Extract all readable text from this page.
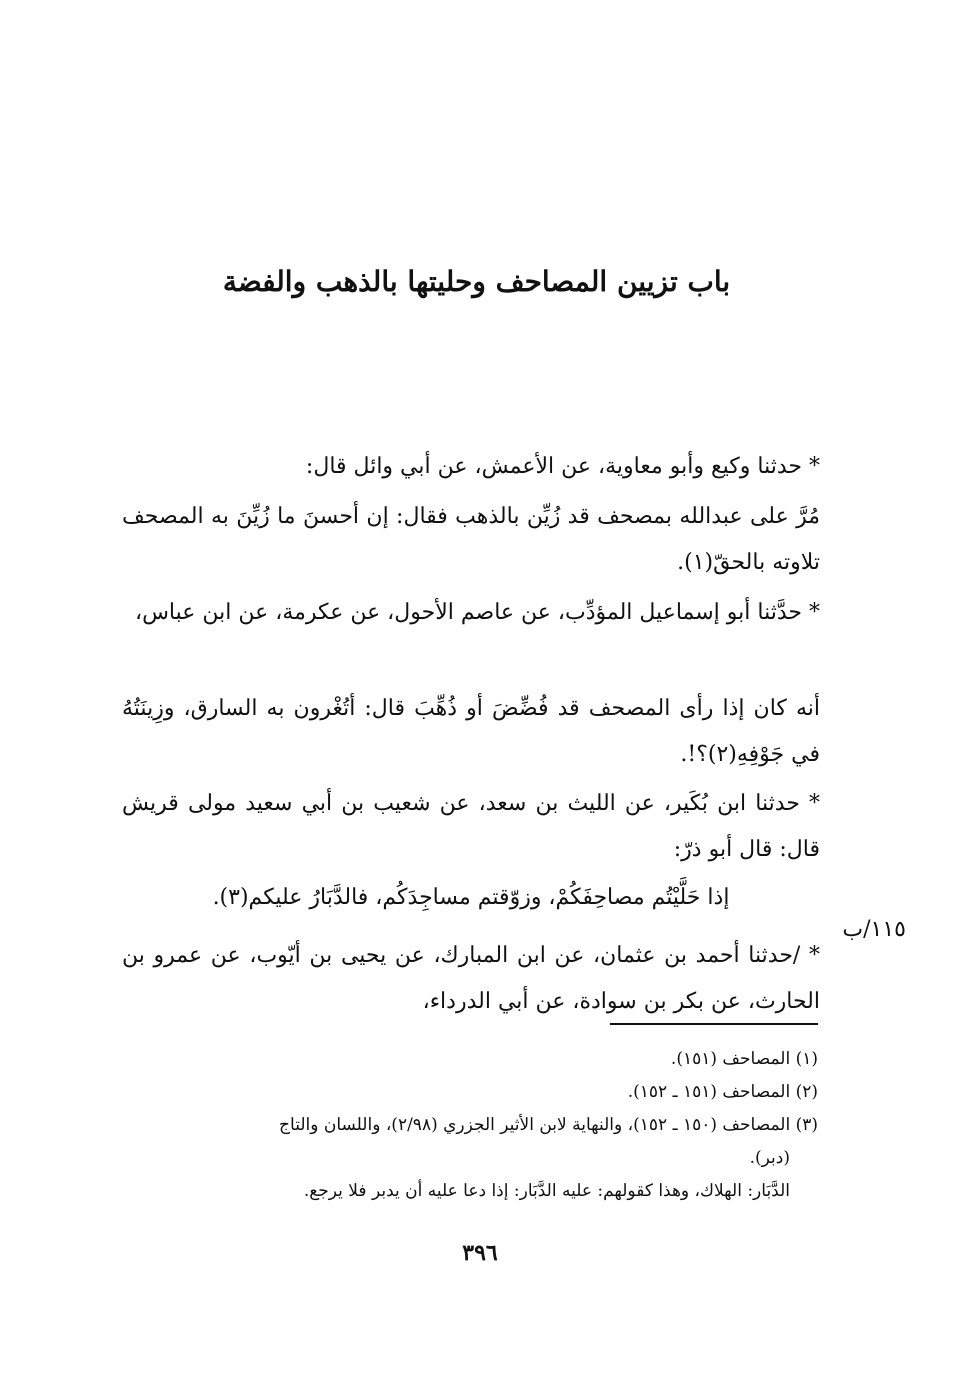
باب تزيين المصاحف وحليتها بالذهب والفضة

* حدثنا وكيع وأبو معاوية، عن الأعمش، عن أبي وائل قال:

مُرَّ على عبدالله بمصحف قد زُيِّن بالذهب فقال: إن أحسنَ ما زُيِّنَ به المصحف تلاوته بالحقّ(١).

* حدَّثنا أبو إسماعيل المؤدِّب، عن عاصم الأحول، عن عكرمة، عن ابن عباس،

أنه كان إذا رأى المصحف قد فُضِّضَ أو ذُهِّبَ قال: أتُغْرون به السارق، وزِينَتُهُ في جَوْفِهِ(٢)؟!.

* حدثنا ابن بُكَير، عن الليث بن سعد، عن شعيب بن أبي سعيد مولى قريش قال: قال أبو ذرّ:

إذا حَلَّيْتُم مصاحِفَكُمْ، وزوّقتم مساجِدَكُم، فالدَّبَارُ عليكم(٣).

* /حدثنا أحمد بن عثمان، عن ابن المبارك، عن يحيى بن أيّوب، عن عمرو بن الحارث، عن بكر بن سوادة، عن أبي الدرداء،

١١٥/ب

(١) المصاحف (١٥١).

(٢) المصاحف (١٥١ ـ ١٥٢).

(٣) المصاحف (١٥٠ ـ ١٥٢)، والنهاية لابن الأثير الجزري (٢/٩٨)، واللسان والتاج

(دبر).

الدَّبَار: الهلاك، وهذا كقولهم: عليه الدَّبَار: إذا دعا عليه أن يدبر فلا يرجع.

٣٩٦
